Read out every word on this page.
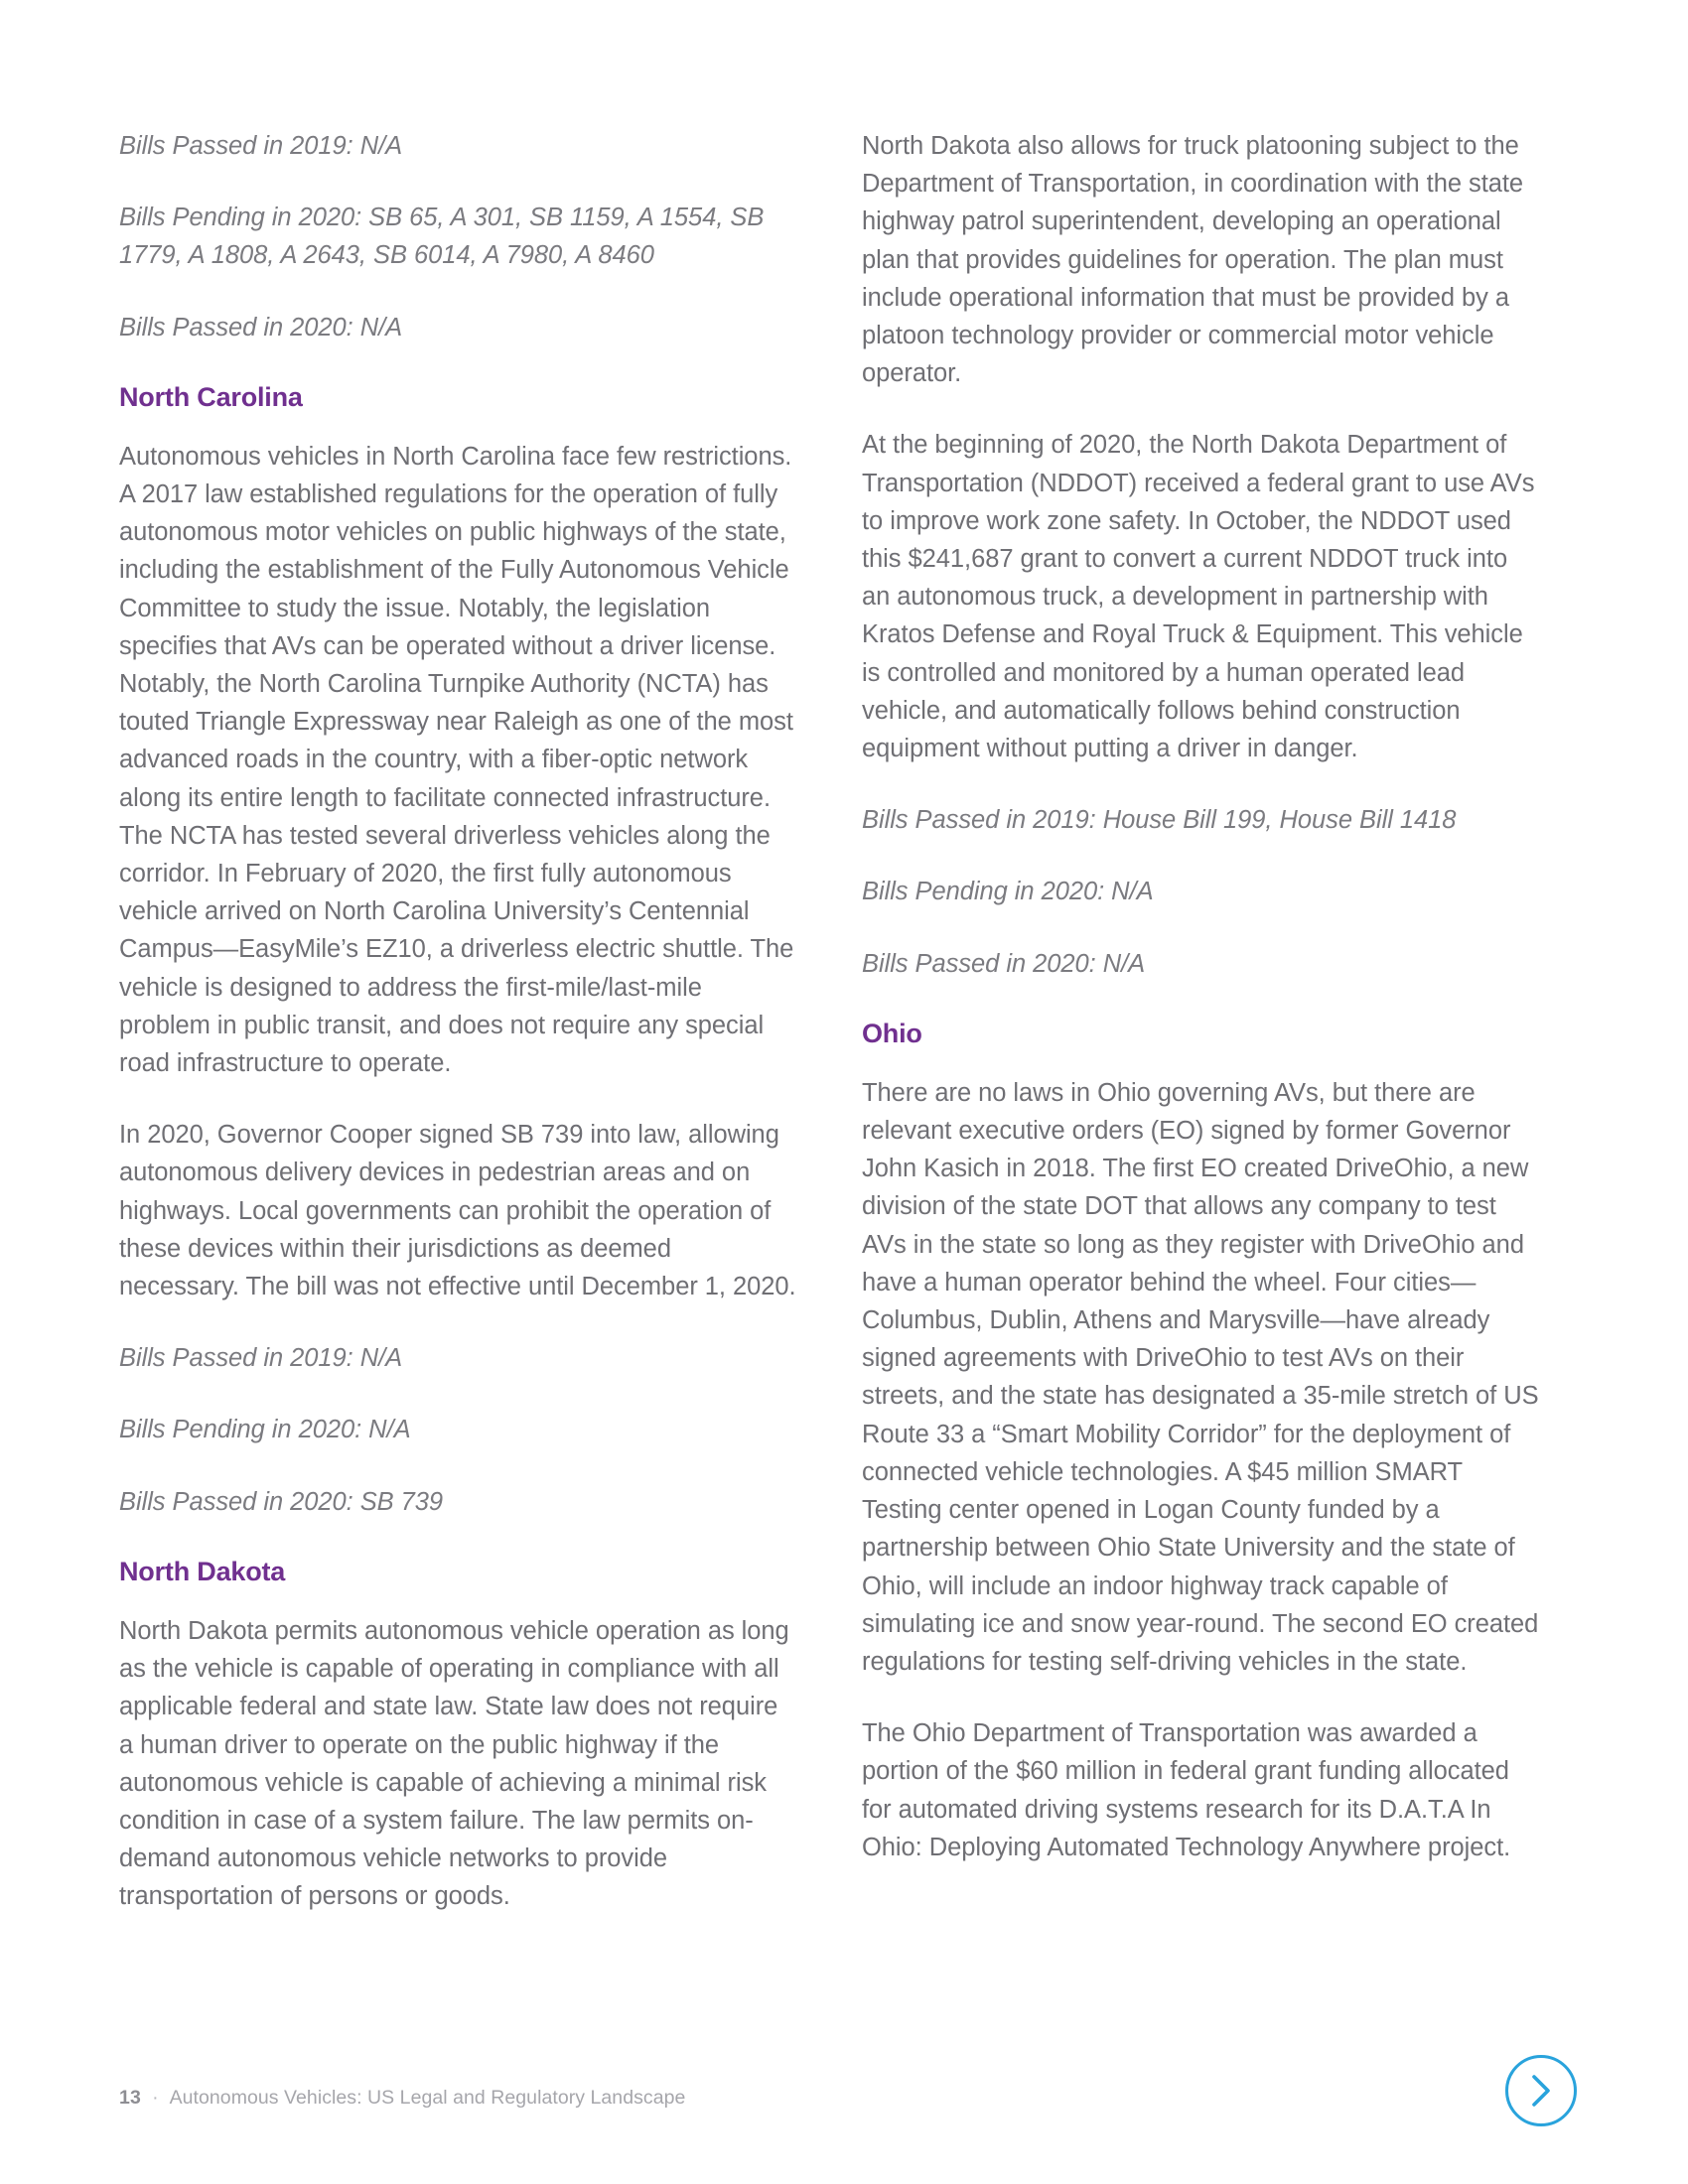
Bills Passed in 2019: N/A

Bills Pending in 2020: SB 65, A 301, SB 1159, A 1554, SB 1779, A 1808, A 2643, SB 6014, A 7980, A 8460

Bills Passed in 2020: N/A

North Carolina

Autonomous vehicles in North Carolina face few restrictions. A 2017 law established regulations for the operation of fully autonomous motor vehicles on public highways of the state, including the establishment of the Fully Autonomous Vehicle Committee to study the issue. Notably, the legislation specifies that AVs can be operated without a driver license. Notably, the North Carolina Turnpike Authority (NCTA) has touted Triangle Expressway near Raleigh as one of the most advanced roads in the country, with a fiber-optic network along its entire length to facilitate connected infrastructure. The NCTA has tested several driverless vehicles along the corridor. In February of 2020, the first fully autonomous vehicle arrived on North Carolina University’s Centennial Campus—EasyMile’s EZ10, a driverless electric shuttle. The vehicle is designed to address the first-mile/last-mile problem in public transit, and does not require any special road infrastructure to operate.

In 2020, Governor Cooper signed SB 739 into law, allowing autonomous delivery devices in pedestrian areas and on highways. Local governments can prohibit the operation of these devices within their jurisdictions as deemed necessary. The bill was not effective until December 1, 2020.

Bills Passed in 2019: N/A

Bills Pending in 2020: N/A

Bills Passed in 2020: SB 739

North Dakota

North Dakota permits autonomous vehicle operation as long as the vehicle is capable of operating in compliance with all applicable federal and state law. State law does not require a human driver to operate on the public highway if the autonomous vehicle is capable of achieving a minimal risk condition in case of a system failure. The law permits on-demand autonomous vehicle networks to provide transportation of persons or goods.

North Dakota also allows for truck platooning subject to the Department of Transportation, in coordination with the state highway patrol superintendent, developing an operational plan that provides guidelines for operation. The plan must include operational information that must be provided by a platoon technology provider or commercial motor vehicle operator.

At the beginning of 2020, the North Dakota Department of Transportation (NDDOT) received a federal grant to use AVs to improve work zone safety. In October, the NDDOT used this $241,687 grant to convert a current NDDOT truck into an autonomous truck, a development in partnership with Kratos Defense and Royal Truck & Equipment. This vehicle is controlled and monitored by a human operated lead vehicle, and automatically follows behind construction equipment without putting a driver in danger.

Bills Passed in 2019: House Bill 199, House Bill 1418

Bills Pending in 2020: N/A

Bills Passed in 2020: N/A

Ohio

There are no laws in Ohio governing AVs, but there are relevant executive orders (EO) signed by former Governor John Kasich in 2018. The first EO created DriveOhio, a new division of the state DOT that allows any company to test AVs in the state so long as they register with DriveOhio and have a human operator behind the wheel. Four cities—Columbus, Dublin, Athens and Marysville—have already signed agreements with DriveOhio to test AVs on their streets, and the state has designated a 35-mile stretch of US Route 33 a “Smart Mobility Corridor” for the deployment of connected vehicle technologies. A $45 million SMART Testing center opened in Logan County funded by a partnership between Ohio State University and the state of Ohio, will include an indoor highway track capable of simulating ice and snow year-round. The second EO created regulations for testing self-driving vehicles in the state.

The Ohio Department of Transportation was awarded a portion of the $60 million in federal grant funding allocated for automated driving systems research for its D.A.T.A In Ohio: Deploying Automated Technology Anywhere project.

13 · Autonomous Vehicles: US Legal and Regulatory Landscape
